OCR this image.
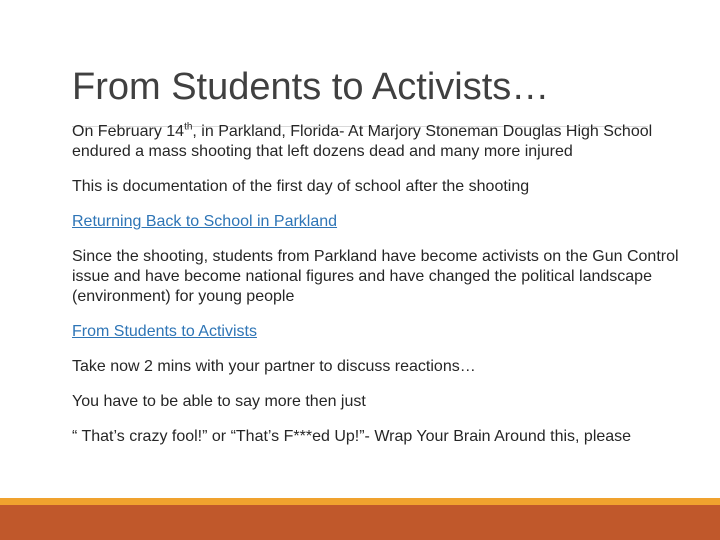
From Students to Activists…

On February 14th, in Parkland, Florida- At Marjory Stoneman Douglas High School endured a mass shooting that left dozens dead and many more injured

This is documentation of the first day of school after the shooting

Returning Back to School in Parkland

Since the shooting, students from Parkland have become activists on the Gun Control issue and have become national figures and have changed the political landscape (environment) for young people

From Students to Activists

Take now 2 mins with your partner to discuss reactions…

You have to be able to say more then just

“ That’s crazy fool!” or “That’s F***ed Up!”- Wrap Your Brain Around this, please
